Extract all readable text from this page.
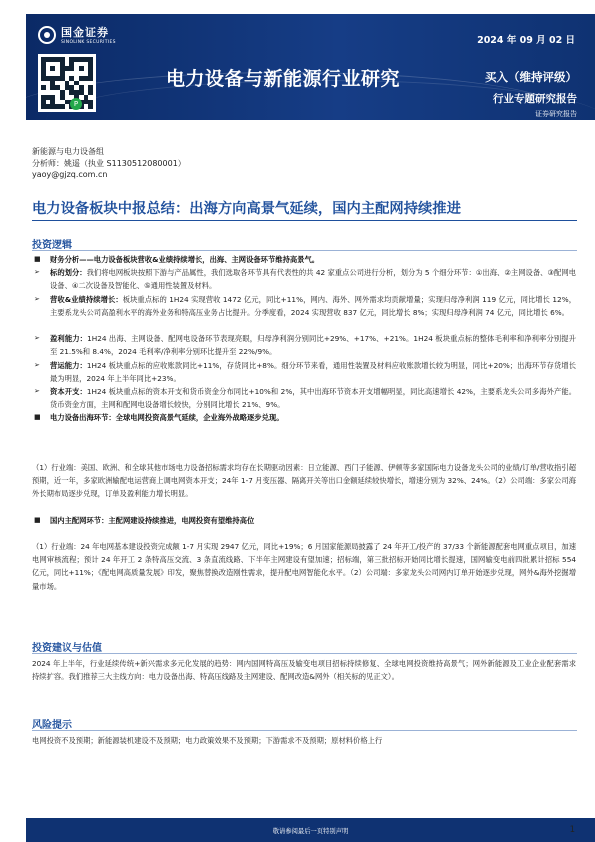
国金证券
SINOLINK SECURITIES
P
2024 年 09 月 02 日
电力设备与新能源行业研究	买入（维持评级）
行业专题研究报告
证券研究报告
新能源与电力设备组
分析师：姚遥（执业 S1130512080001）
yaoy@gjzq.com.cn
电力设备板块中报总结：出海方向高景气延续，国内主配网持续推进
投资逻辑
■	财务分析——电力设备板块营收&业绩持续增长，出海、主网设备环节维持高景气。
➢	标的划分：我们将电网板块按照下游与产品属性，我们选取各环节具有代表性的共 42 家重点公司进行分析，划分为 5 个细分环节：①出海、②主网设备、③配网电设备、④二次设备及智能化、⑤通用性装置及材料。
➢	营收&业绩持续增长：板块重点标的 1H24 实现营收 1472 亿元，同比+11%，网内、海外、网外需求均贡献增量；实现归母净利润 119 亿元，同比增长 12%，主要系龙头公司高盈利水平的海外业务和特高压业务占比提升。分季度看，2024 实现营收 837 亿元，同比增长 8%；实现归母净利润 74 亿元，同比增长 6%。
➢	盈利能力：1H24 出海、主网设备、配网电设备环节表现亮眼，归母净利润分别同比+29%、+17%、+21%。1H24 板块重点标的整体毛利率和净利率分别提升至 21.5%和 8.4%，2024 毛利率/净利率分别环比提升至 22%/9%。
➢	营运能力：1H24 板块重点标的应收账款同比+11%，存货同比+8%。细分环节来看，通用性装置及材料应收账款增长较为明显，同比+20%；出海环节存货增长最为明显，2024 年上半年同比+23%。
➢	资本开支：1H24 板块重点标的资本开支和货币资金分布同比+10%和 2%，其中出海环节资本开支增幅明显，同比高速增长 42%，主要系龙头公司多海外产能。货币资金方面，主网和配网电设备增长较快，分别同比增长 21%、9%。
■	电力设备出海环节：全球电网投资高景气延续，企业海外战略逐步兑现。
（1）行业端：美国、欧洲、和全球其他市场电力设备招标需求均存在长期驱动因素：日立能源、西门子能源、伊顿等多家国际电力设备龙头公司的业绩/订单/营收指引超预期，近一年，多家欧洲输配电运营商上调电网资本开支；24年 1-7 月变压器、隔离开关等出口金额延续较快增长，增速分别为 32%、24%。（2）公司端：多家公司海外长期布局逐步兑现，订单及盈利能力增长明显。
■	国内主配网环节：主配网建设持续推进，电网投资有望维持高位
（1）行业端：24 年电网基本建设投资完成额 1-7 月实现 2947 亿元，同比+19%；6 月国家能源局披露了 24 年开工/投产的 37/33 个新能源配套电网重点项目，加速电网审核流程；预计 24 年开工 2 条特高压交流、3 条直流线路、下半年主网建设有望加速；招标端，第三批招标开始同比增长提速，国网输变电前四批累计招标 554 亿元，同比+11%；《配电网高质量发展》印发，聚焦替换改造刚性需求，提升配电网智能化水平。（2）公司端：多家龙头公司网内订单开始逐步兑现，网外&海外挖掘增量市场。
投资建议与估值
2024 年上半年，行业延续传统+新兴需求多元化发展的趋势：网内国网特高压及输变电项目招标持续修复、全球电网投资维持高景气；网外新能源及工业企业配套需求持续扩容。我们推荐三大主线方向：电力设备出海、特高压线路及主网建设、配网改造&网外（相关标的见正文）。
风险提示
电网投资不及预期；新能源装机建设不及预期；电力政策效果不及预期；下游需求不及预期；原材料价格上行
敬请参阅最后一页特别声明	1
